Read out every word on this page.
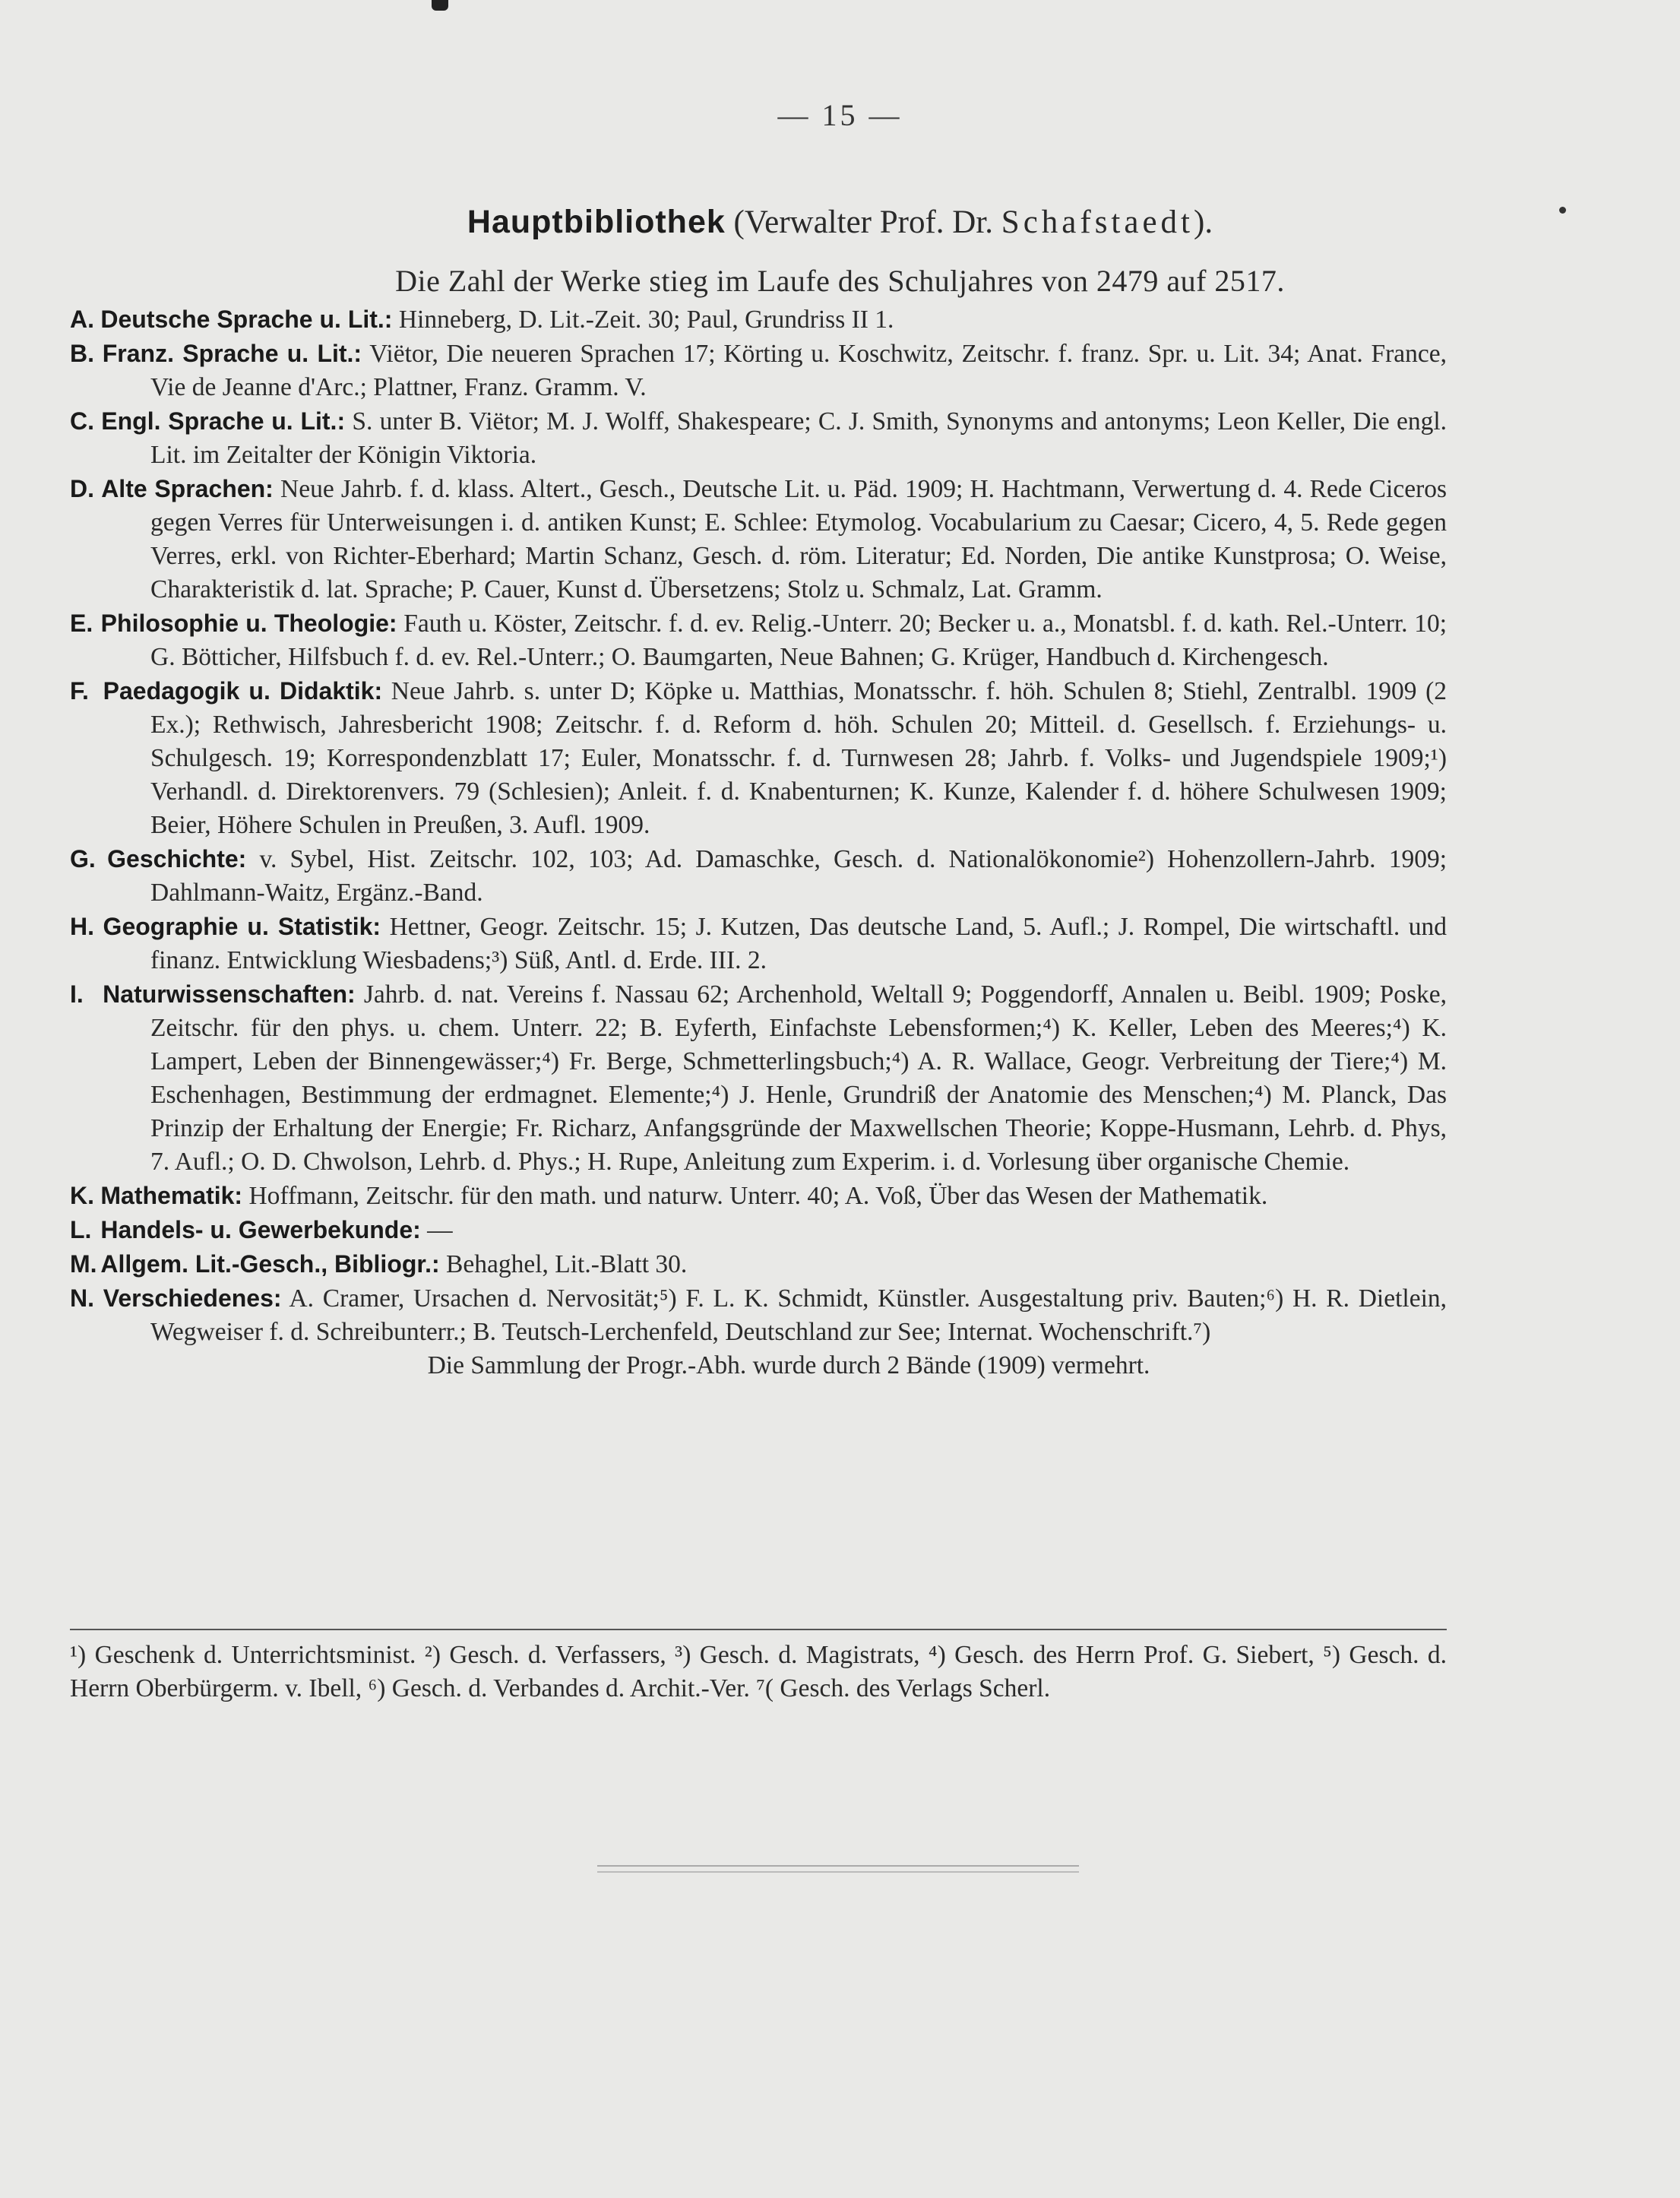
— 15 —
Hauptbibliothek (Verwalter Prof. Dr. Schafstaedt).
Die Zahl der Werke stieg im Laufe des Schuljahres von 2479 auf 2517.
A. Deutsche Sprache u. Lit.: Hinneberg, D. Lit.-Zeit. 30; Paul, Grundriss II 1.
B. Franz. Sprache u. Lit.: Viëtor, Die neueren Sprachen 17; Körting u. Koschwitz, Zeitschr. f. franz. Spr. u. Lit. 34; Anat. France, Vie de Jeanne d'Arc.; Plattner, Franz. Gramm. V.
C. Engl. Sprache u. Lit.: S. unter B. Viëtor; M. J. Wolff, Shakespeare; C. J. Smith, Synonyms and antonyms; Leon Keller, Die engl. Lit. im Zeitalter der Königin Viktoria.
D. Alte Sprachen: Neue Jahrb. f. d. klass. Altert., Gesch., Deutsche Lit. u. Päd. 1909; H. Hachtmann, Verwertung d. 4. Rede Ciceros gegen Verres für Unterweisungen i. d. antiken Kunst; E. Schlee: Etymolog. Vocabularium zu Caesar; Cicero, 4, 5. Rede gegen Verres, erkl. von Richter-Eberhard; Martin Schanz, Gesch. d. röm. Literatur; Ed. Norden, Die antike Kunstprosa; O. Weise, Charakteristik d. lat. Sprache; P. Cauer, Kunst d. Übersetzens; Stolz u. Schmalz, Lat. Gramm.
E. Philosophie u. Theologie: Fauth u. Köster, Zeitschr. f. d. ev. Relig.-Unterr. 20; Becker u. a., Monatsbl. f. d. kath. Rel.-Unterr. 10; G. Bötticher, Hilfsbuch f. d. ev. Rel.-Unterr.; O. Baumgarten, Neue Bahnen; G. Krüger, Handbuch d. Kirchengesch.
F. Paedagogik u. Didaktik: Neue Jahrb. s. unter D; Köpke u. Matthias, Monatsschr. f. höh. Schulen 8; Stiehl, Zentralbl. 1909 (2 Ex.); Rethwisch, Jahresbericht 1908; Zeitschr. f. d. Reform d. höh. Schulen 20; Mitteil. d. Gesellsch. f. Erziehungs- u. Schulgesch. 19; Korrespondenzblatt 17; Euler, Monatsschr. f. d. Turnwesen 28; Jahrb. f. Volks- und Jugendspiele 1909;¹) Verhandl. d. Direktorenvers. 79 (Schlesien); Anleit. f. d. Knabenturnen; K. Kunze, Kalender f. d. höhere Schulwesen 1909; Beier, Höhere Schulen in Preußen, 3. Aufl. 1909.
G. Geschichte: v. Sybel, Hist. Zeitschr. 102, 103; Ad. Damaschke, Gesch. d. Nationalökonomie²) Hohenzollern-Jahrb. 1909; Dahlmann-Waitz, Ergänz.-Band.
H. Geographie u. Statistik: Hettner, Geogr. Zeitschr. 15; J. Kutzen, Das deutsche Land, 5. Aufl.; J. Rompel, Die wirtschaftl. und finanz. Entwicklung Wiesbadens;³) Süß, Antl. d. Erde. III. 2.
I. Naturwissenschaften: Jahrb. d. nat. Vereins f. Nassau 62; Archenhold, Weltall 9; Poggendorff, Annalen u. Beibl. 1909; Poske, Zeitschr. für den phys. u. chem. Unterr. 22; B. Eyferth, Einfachste Lebensformen;⁴) K. Keller, Leben des Meeres;⁴) K. Lampert, Leben der Binnengewässer;⁴) Fr. Berge, Schmetterlingsbuch;⁴) A. R. Wallace, Geogr. Verbreitung der Tiere;⁴) M. Eschenhagen, Bestimmung der erdmagnet. Elemente;⁴) J. Henle, Grundriß der Anatomie des Menschen;⁴) M. Planck, Das Prinzip der Erhaltung der Energie; Fr. Richarz, Anfangsgründe der Maxwellschen Theorie; Koppe-Husmann, Lehrb. d. Phys, 7. Aufl.; O. D. Chwolson, Lehrb. d. Phys.; H. Rupe, Anleitung zum Experim. i. d. Vorlesung über organische Chemie.
K. Mathematik: Hoffmann, Zeitschr. für den math. und naturw. Unterr. 40; A. Voß, Über das Wesen der Mathematik.
L. Handels- u. Gewerbekunde: —
M. Allgem. Lit.-Gesch., Bibliogr.: Behaghel, Lit.-Blatt 30.
N. Verschiedenes: A. Cramer, Ursachen d. Nervosität;⁵) F. L. K. Schmidt, Künstler. Ausgestaltung priv. Bauten;⁶) H. R. Dietlein, Wegweiser f. d. Schreibunterr.; B. Teutsch-Lerchenfeld, Deutschland zur See; Internat. Wochenschrift.⁷)
Die Sammlung der Progr.-Abh. wurde durch 2 Bände (1909) vermehrt.
¹) Geschenk d. Unterrichtsminist. ²) Gesch. d. Verfassers, ³) Gesch. d. Magistrats, ⁴) Gesch. des Herrn Prof. G. Siebert, ⁵) Gesch. d. Herrn Oberbürgerm. v. Ibell, ⁶) Gesch. d. Verbandes d. Archit.-Ver. ⁷( Gesch. des Verlags Scherl.
